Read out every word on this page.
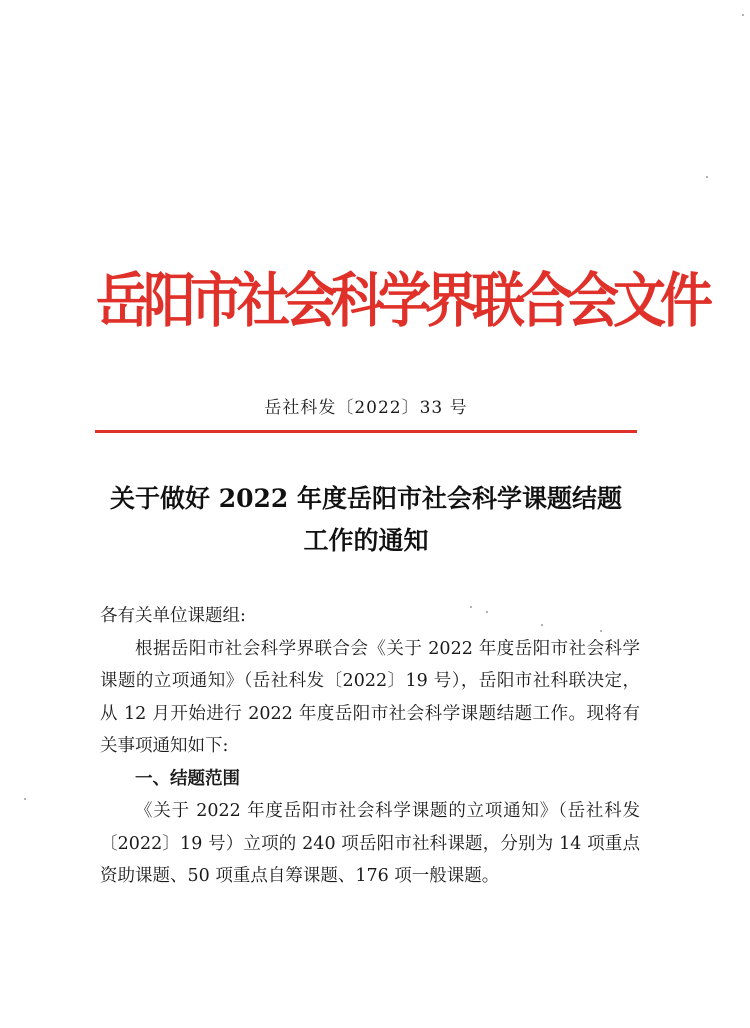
岳阳市社会科学界联合会文件
岳社科发〔2022〕33 号
关于做好 2022 年度岳阳市社会科学课题结题
工作的通知

各有关单位课题组:

根据岳阳市社会科学界联合会《关于 2022 年度岳阳市社会科学课题的立项通知》（岳社科发〔2022〕19 号），岳阳市社科联决定，从 12 月开始进行 2022 年度岳阳市社会科学课题结题工作。现将有关事项通知如下:

一、结题范围

《关于 2022 年度岳阳市社会科学课题的立项通知》（岳社科发〔2022〕19 号）立项的 240 项岳阳市社科课题，分别为 14 项重点资助课题、50 项重点自筹课题、176 项一般课题。
